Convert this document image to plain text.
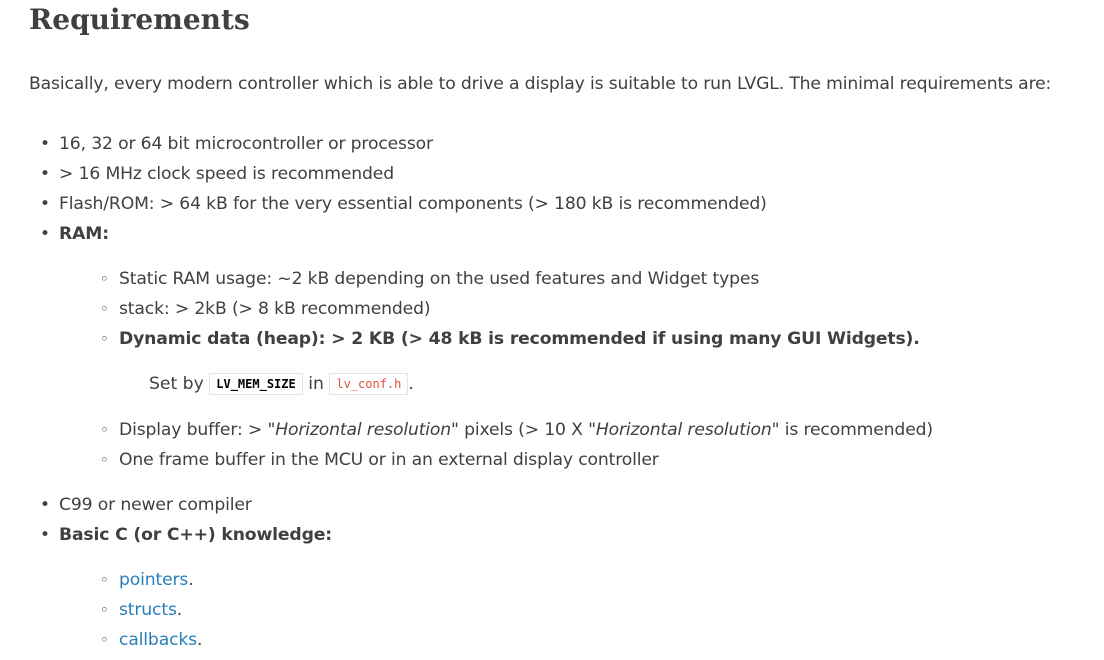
Requirements

Basically, every modern controller which is able to drive a display is suitable to run LVGL. The minimal requirements are:

• 16, 32 or 64 bit microcontroller or processor
• > 16 MHz clock speed is recommended
• Flash/ROM: > 64 kB for the very essential components (> 180 kB is recommended)
• RAM:
◦ Static RAM usage: ~2 kB depending on the used features and Widget types
◦ stack: > 2kB (> 8 kB recommended)
◦ Dynamic data (heap): > 2 KB (> 48 kB is recommended if using many GUI Widgets).
Set by LV_MEM_SIZE in lv_conf.h .
◦ Display buffer: > "Horizontal resolution" pixels (> 10 X "Horizontal resolution" is recommended)
◦ One frame buffer in the MCU or in an external display controller
• C99 or newer compiler
• Basic C (or C++) knowledge:
◦ pointers.
◦ structs.
◦ callbacks.
